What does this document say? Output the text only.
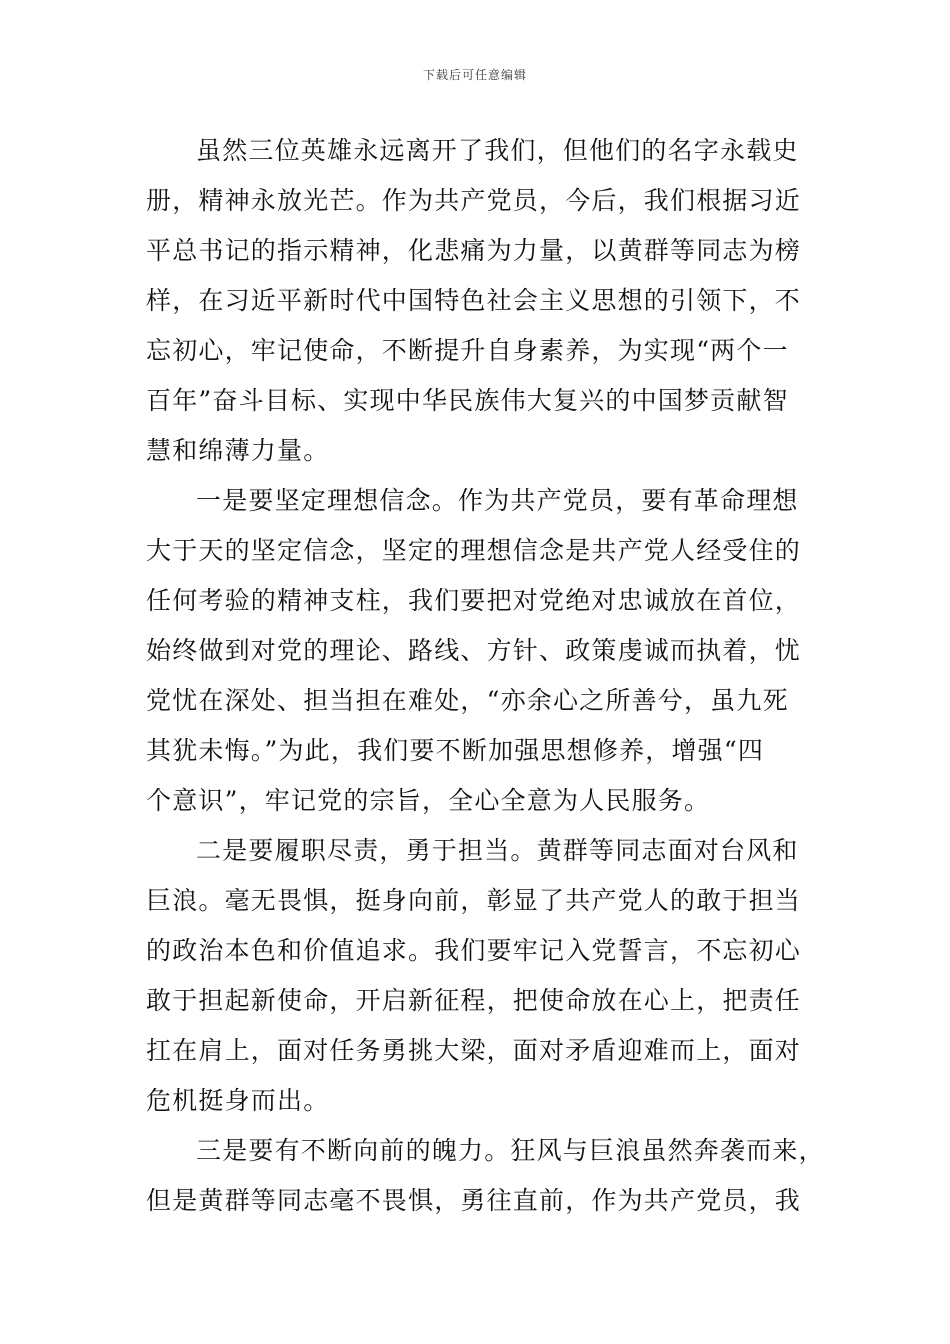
下载后可任意编辑
虽然三位英雄永远离开了我们，但他们的名字永载史
册，精神永放光芒。作为共产党员，今后，我们根据习近
平总书记的指示精神，化悲痛为力量，以黄群等同志为榜
样，在习近平新时代中国特色社会主义思想的引领下，不
忘初心，牢记使命，不断提升自身素养，为实现“两个一
百年”奋斗目标、实现中华民族伟大复兴的中国梦贡献智
慧和绵薄力量。
一是要坚定理想信念。作为共产党员，要有革命理想
大于天的坚定信念，坚定的理想信念是共产党人经受住的
任何考验的精神支柱，我们要把对党绝对忠诚放在首位，
始终做到对党的理论、路线、方针、政策虔诚而执着，忧
党忧在深处、担当担在难处，“亦余心之所善兮，虽九死
其犹未悔。”为此，我们要不断加强思想修养，增强“四
个意识”，牢记党的宗旨，全心全意为人民服务。
二是要履职尽责，勇于担当。黄群等同志面对台风和
巨浪。毫无畏惧，挺身向前，彰显了共产党人的敢于担当
的政治本色和价值追求。我们要牢记入党誓言，不忘初心
敢于担起新使命，开启新征程，把使命放在心上，把责任
扛在肩上，面对任务勇挑大梁，面对矛盾迎难而上，面对
危机挺身而出。
三是要有不断向前的魄力。狂风与巨浪虽然奔袭而来，
但是黄群等同志毫不畏惧，勇往直前，作为共产党员，我
